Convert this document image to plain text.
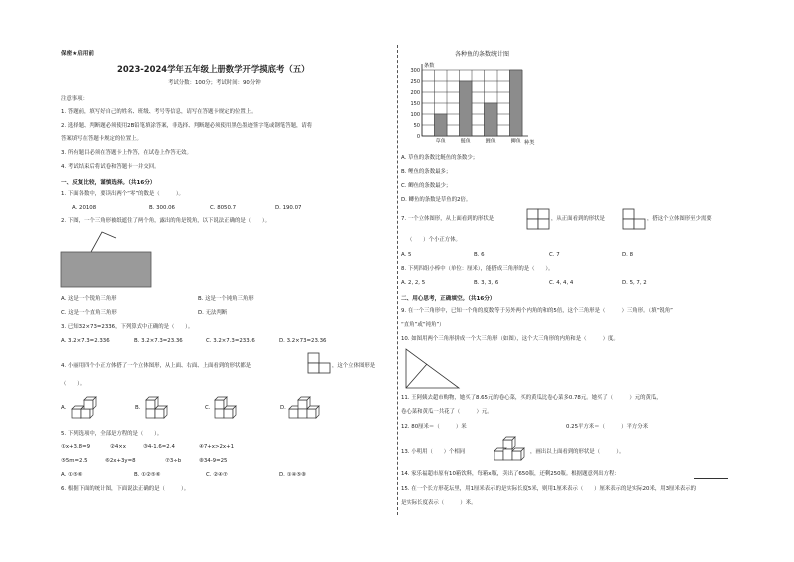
保密★启用前
2023-2024学年五年级上册数学开学摸底考（五）
考试分数：100分；考试时间：90分钟
注意事项：
1. 答题前，填写好自己的姓名、班级、考号等信息，请写在答题卡规定的位置上。
2. 选择题、判断题必须使用2B铅笔填涂答案，非选择、判断题必须使用黑色墨迹签字笔或钢笔答题，请将
答案填写在答题卡规定的位置上。
3. 所有题目必须在答题卡上作答，在试卷上作答无效。
4. 考试结束后将试卷和答题卡一并交回。
一、反复比较，谨慎选择。（共16分）
1. 下面各数中，要读出两个“零”的数是（　　　）。
A. 20108	B. 300.06	C. 8050.7	D. 190.07
2. 下图，一个三角形被纸遮住了两个角，露出的角是锐角，以下说法正确的是（　　）。
A. 这是一个锐角三角形	B. 这是一个钝角三角形
C. 这是一个直角三角形	D. 无法判断
3. 已知32×73=2336，下列算式中正确的是（　　）。
A. 3.2×7.3=2.336	B. 3.2×7.3=23.36	C. 3.2×7.3=233.6	D. 3.2×73=23.36
4. 小丽用四个小正方体搭了一个立体图形，从上面、右面、上面看到的形状都是	，这个立体图形是
（　　）。
A.	B.	C.	D.
5. 下列选项中，全部是方程的是（　　）。
①x+3.8=9	②4×x	③4-1.6=2.4	④7+x>2x+1
⑤5m=2.5	⑥2x+3y=8	⑦3÷b	⑧34-9=25
A. ①⑤⑥	B. ①②⑤⑥	C. ②④⑦	D. ①④⑤⑧
6. 根据下面的统计图，下面说法正确的是（　　　）。
各种鱼的条数统计图
条数
种类
0
50
100
150
200
250
300
草鱼	鲢鱼	鲤鱼	鲫鱼
A. 草鱼的条数比鲢鱼的条数少；
B. 鲤鱼的条数最多；
C. 鲫鱼的条数最少；
D. 鲫鱼的条数是草鱼的2倍。
7. 一个立体图形，从上面看到的形状是	，从正面看到的形状是	，搭这个立体图形至少需要
（　　）个小正方体。
A. 5	B. 6	C. 7	D. 8
8. 下列四组小棒中（单位：厘米），能搭成三角形的是（　　）。
A. 2, 2, 5	B. 3, 3, 6	C. 4, 4, 4	D. 5, 7, 2
二、用心思考，正确填空。（共16分）
9. 在一个三角形中，已知一个角的度数等于另外两个内角的和的5倍，这个三角形是（　　　）三角形。（填“锐角”
“直角”或“钝角”）
10. 如图用两个三角形拼成一个大三角形（如图），这个大三角形的内角和是（　　　）度。
11. 王阿姨去超市购物，她买了8.65元的卷心菜，买的黄瓜比卷心菜多0.78元。她买了（　　　）元的黄瓜，
卷心菜和黄瓜一共花了（　　　）元。
12. 80厘米＝（　　　）米	0.25平方米＝（　　　）平方分米
13. 小明用（　　）个相同	，画出以上面看到的形状是（　　　）。
14. 家乐福超市原有10箱饮料，每箱x瓶，卖出了650瓶，还剩250瓶。根据题意列出方程：
15. 在一个长方形花坛里，用1厘米表示的是实际长度5米，则用1厘米表示（　　）厘米表示的是实际20米，用3厘米表示的
是实际长度表示（　　　）米。
